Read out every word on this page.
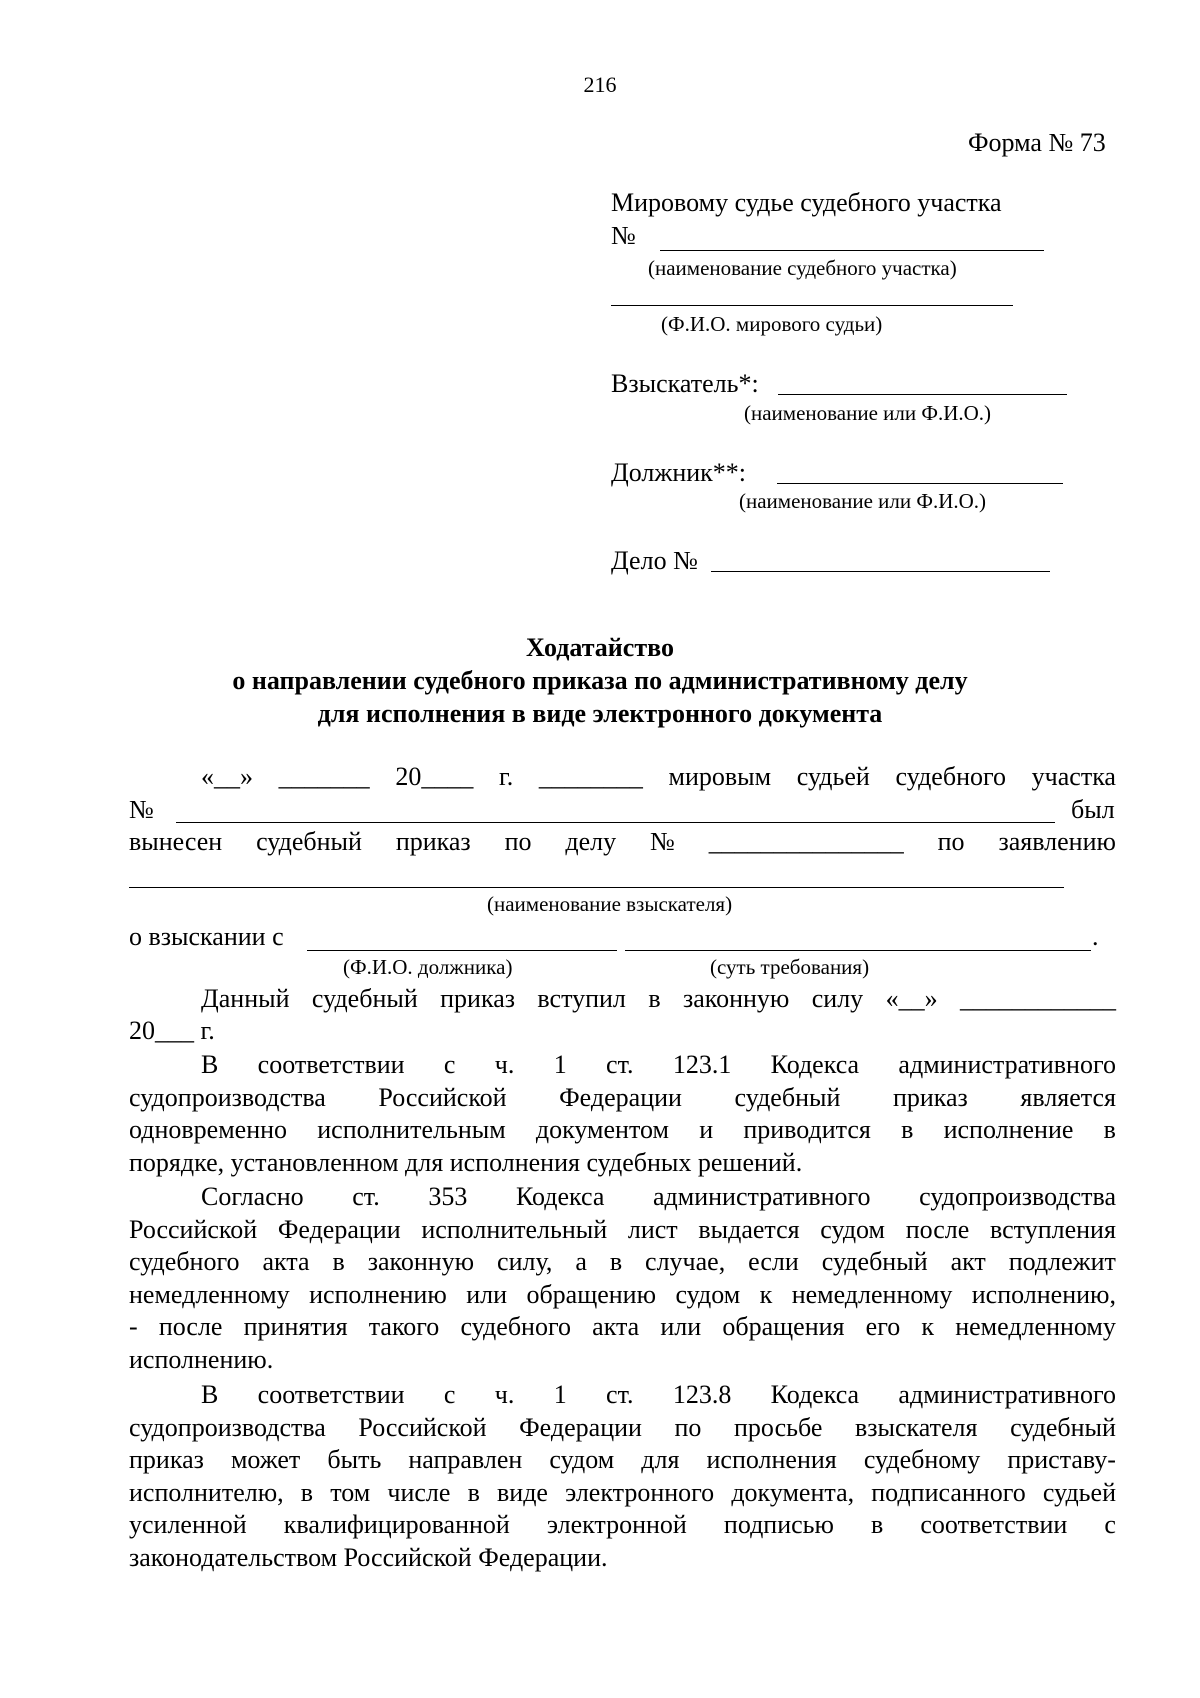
216
Форма № 73
Мировому судье судебного участка
№
(наименование судебного участка)
(Ф.И.О. мирового судьи)
Взыскатель*:
(наименование или Ф.И.О.)
Должник**:
(наименование или Ф.И.О.)
Дело №
Ходатайство
о направлении судебного приказа по административному делу
для исполнения в виде электронного документа
«__» _______ 20____ г. ________ мировым судьей судебного участка
№	был
вынесен судебный приказ по делу № _______________ по заявлению
(наименование взыскателя)
о взыскании с	.
(Ф.И.О. должника)	(суть требования)
Данный судебный приказ вступил в законную силу «__» ____________
20___ г.
В соответствии с ч. 1 ст. 123.1 Кодекса административного
судопроизводства Российской Федерации судебный приказ является
одновременно исполнительным документом и приводится в исполнение в
порядке, установленном для исполнения судебных решений.
Согласно ст. 353 Кодекса административного судопроизводства
Российской Федерации исполнительный лист выдается судом после вступления
судебного акта в законную силу, а в случае, если судебный акт подлежит
немедленному исполнению или обращению судом к немедленному исполнению,
- после принятия такого судебного акта или обращения его к немедленному
исполнению.
В соответствии с ч. 1 ст. 123.8 Кодекса административного
судопроизводства Российской Федерации по просьбе взыскателя судебный
приказ может быть направлен судом для исполнения судебному приставу-
исполнителю, в том числе в виде электронного документа, подписанного судьей
усиленной квалифицированной электронной подписью в соответствии с
законодательством Российской Федерации.
